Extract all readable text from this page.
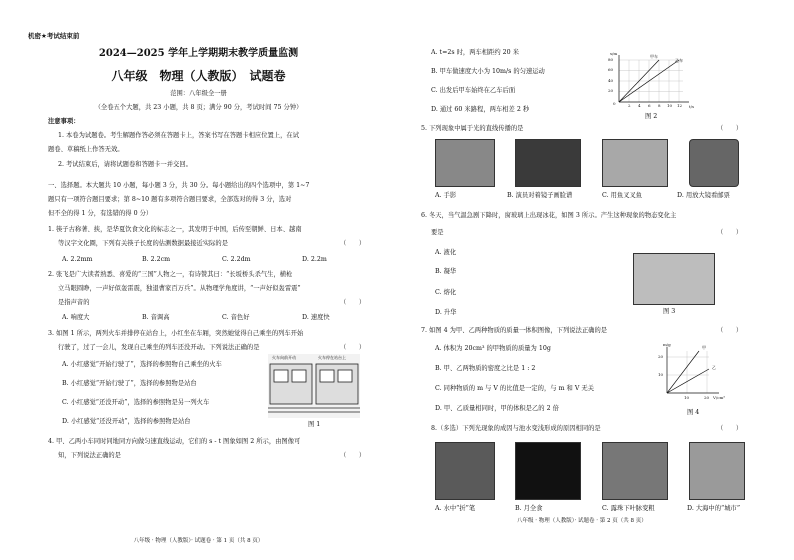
机密★考试结束前
2024—2025 学年上学期期末教学质量监测
八年级　物理（人教版）　试题卷
范围：八年级全一册
（全卷五个大题，共 23 小题，共 8 页；满分 90 分，考试时间 75 分钟）
注意事项：
1. 本卷为试题卷。考生解题作答必须在答题卡上，答案书写在答题卡相应位置上，在试
题卷、草稿纸上作答无效。
2. 考试结束后，请将试题卷和答题卡一并交回。
一、选择题。本大题共 10 小题，每小题 3 分，共 30 分。每小题给出的四个选项中，第 1~7
题只有一项符合题目要求；第 8~10 题有多项符合题目要求，全部选对的得 3 分，选对
但不全的得 1 分，有选错的得 0 分）
1. 筷子古称著、挟，是华夏饮食文化的标志之一，其发明于中国，后传至朝鲜、日本、越南
等汉字文化圈，下列有关筷子长度的估测数据最接近实际的是	（　　）
A. 2.2mm	B. 2.2cm	C. 2.2dm	D. 2.2m
2. 张飞是广大读者熟悉、喜爱的“三国”人物之一，有诗赞其曰：“长坂桥头杀气生，横枪
立马眼圆睁，一声好似轰雷震，独退曹家百万兵”。从物理学角度讲，“一声好似轰雷震”
是指声音的	（　　）
A. 响度大	B. 音调高	C. 音色好	D. 速度快
3. 如图 1 所示，两列火车并排停在站台上，小红坐在车厢，突然她觉得自己乘坐的列车开始
行驶了，过了一会儿，发现自己乘坐的列车还没开动。下列说法正确的是	（　　）
A. 小红感觉“开始行驶了”，选择的参照物自己乘坐的火车
B. 小红感觉“开始行驶了”，选择的参照物是站台
C. 小红感觉“还没开动”，选择的参照物是另一列火车
D. 小红感觉“还没开动”，选择的参照物是站台
火车向前开动	火车停在站台上
图 1
4. 甲、乙两小车同时同地同方向做匀速直线运动，它们的 s - t 图象如图 2 所示，由图像可
知，下列说法正确的是	（　　）
八年级 · 物理（人教版）· 试题卷 · 第 1 页（共 8 页）
A. t=2s 时，两车相距约 20 米
B. 甲车做速度大小为 10m/s 的匀速运动
C. 出发后甲车始终在乙车后面
D. 通过 60 米路程，两车相差 2 秒
s/m
t/s
甲车
乙车
80
60
40
20
0	2 4 6 8 10 12
图 2
5. 下列现象中属于光的直线传播的是	（　　）
A. 手影	B. 演员对着镜子画脸谱	C. 用鱼叉叉鱼	D. 用放大镜看邮票
6. 冬天，当气温急剧下降时，窗玻璃上出现冰花，如图 3 所示。产生这种现象的物态变化主
要是	（　　）
A. 液化
B. 凝华
C. 熔化
D. 升华	图 3
7. 如图 4 为甲、乙两种物质的质量一体积图像，下列说法正确的是	（　　）
A. 体积为 20cm³ 的甲物质的质量为 10g
B. 甲、乙两物质的密度之比是 1 : 2
C. 同种物质的 m 与 V 的比值是一定的，与 m 和 V 无关
D. 甲、乙质量相同时，甲的体积是乙的 2 倍
m/g
V/cm³
甲
乙
20
10
10	20
图 4
8.（多选）下列光现象的成因与池水变浅形成的原因相同的是	（　　）
A. 水中“折”笔	B. 月全食	C. 露珠下叶脉变粗	D. 大海中的“城市”
八年级 · 物理（人教版）· 试题卷 · 第 2 页（共 8 页）
